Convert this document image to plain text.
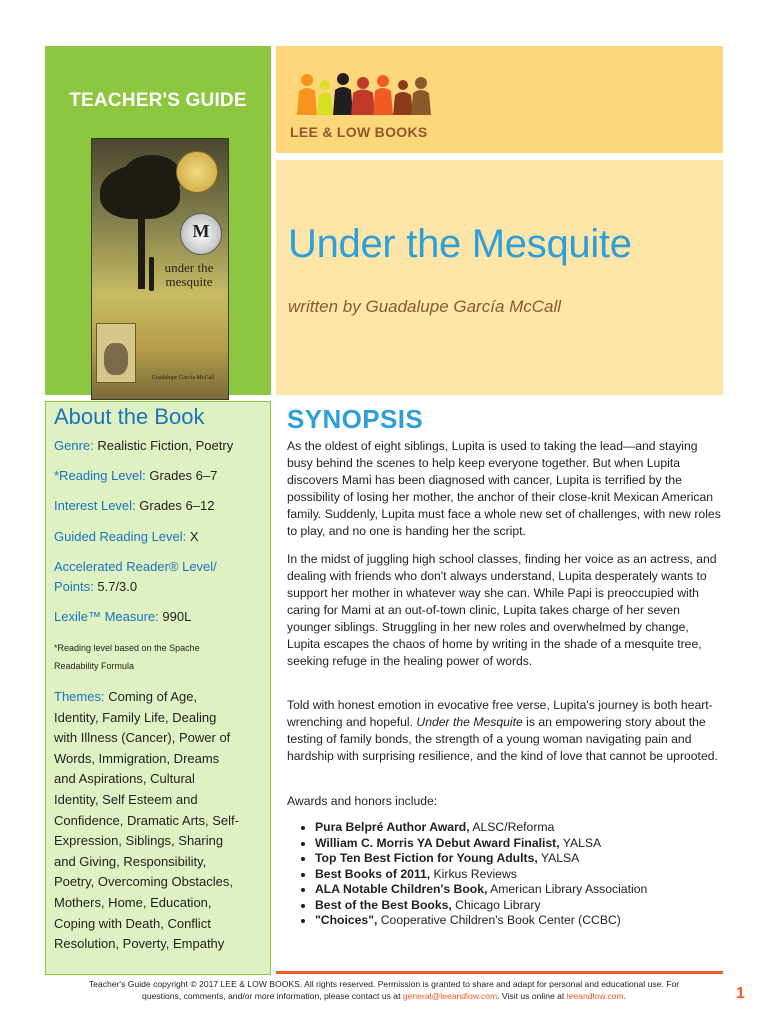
TEACHER'S GUIDE
M
under the mesquite
Guadalupe García McCall
LEE & LOW BOOKS
Under the Mesquite
written by Guadalupe García McCall
About the Book
Genre: Realistic Fiction, Poetry
*Reading Level: Grades 6–7
Interest Level: Grades 6–12
Guided Reading Level: X
Accelerated Reader® Level/
Points: 5.7/3.0
Lexile™ Measure: 990L
*Reading level based on the Spache
Readability Formula
Themes: Coming of Age,
Identity, Family Life, Dealing
with Illness (Cancer), Power of
Words, Immigration, Dreams
and Aspirations, Cultural
Identity, Self Esteem and
Confidence, Dramatic Arts, Self-
Expression, Siblings, Sharing
and Giving, Responsibility,
Poetry, Overcoming Obstacles,
Mothers, Home, Education,
Coping with Death, Conflict
Resolution, Poverty, Empathy
SYNOPSIS
As the oldest of eight siblings, Lupita is used to taking the lead—and staying busy behind the scenes to help keep everyone together. But when Lupita discovers Mami has been diagnosed with cancer, Lupita is terrified by the possibility of losing her mother, the anchor of their close-knit Mexican American family. Suddenly, Lupita must face a whole new set of challenges, with new roles to play, and no one is handing her the script.
In the midst of juggling high school classes, finding her voice as an actress, and dealing with friends who don't always understand, Lupita desperately wants to support her mother in whatever way she can. While Papi is preoccupied with caring for Mami at an out-of-town clinic, Lupita takes charge of her seven younger siblings. Struggling in her new roles and overwhelmed by change, Lupita escapes the chaos of home by writing in the shade of a mesquite tree, seeking refuge in the healing power of words.
Told with honest emotion in evocative free verse, Lupita's journey is both heart-wrenching and hopeful. Under the Mesquite is an empowering story about the testing of family bonds, the strength of a young woman navigating pain and hardship with surprising resilience, and the kind of love that cannot be uprooted.
Awards and honors include:
• Pura Belpré Author Award, ALSC/Reforma
• William C. Morris YA Debut Award Finalist, YALSA
• Top Ten Best Fiction for Young Adults, YALSA
• Best Books of 2011, Kirkus Reviews
• ALA Notable Children's Book, American Library Association
• Best of the Best Books, Chicago Library
• "Choices", Cooperative Children's Book Center (CCBC)
Teacher's Guide copyright © 2017 LEE & LOW BOOKS. All rights reserved. Permission is granted to share and adapt for personal and educational use. For
questions, comments, and/or more information, please contact us at general@leeandlow.com. Visit us online at leeandlow.com.	1
